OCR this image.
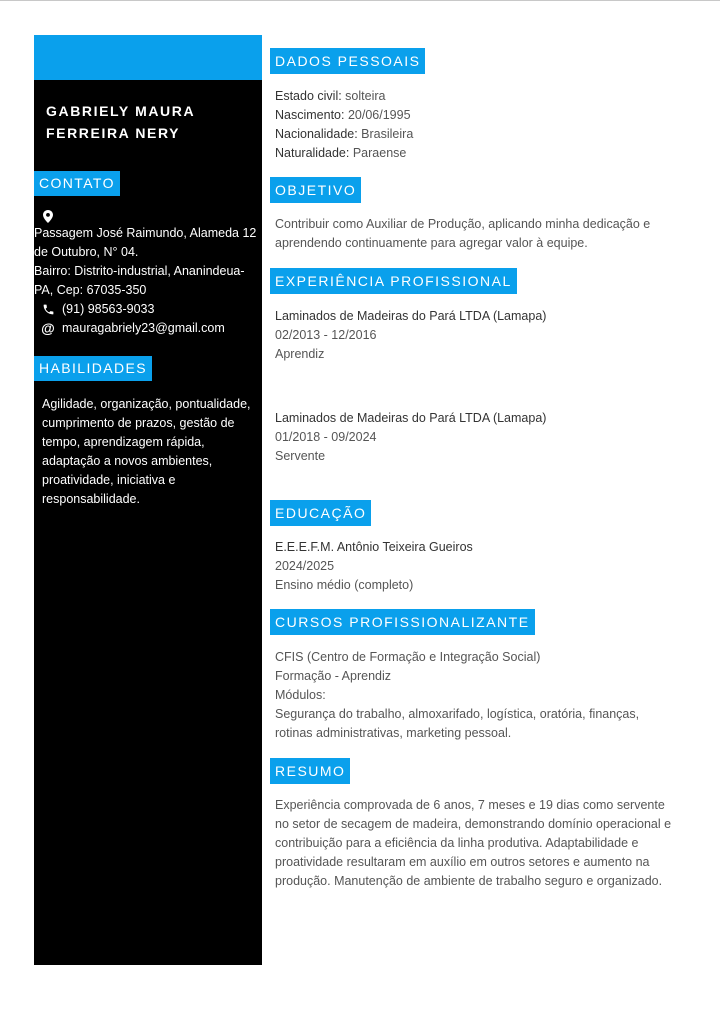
GABRIELY MAURA
FERREIRA NERY
CONTATO
Passagem José Raimundo, Alameda 12
de Outubro, N° 04.
Bairro: Distrito-industrial, Ananindeua-
PA, Cep: 67035-350
(91) 98563-9033
@ mauragabriely23@gmail.com
HABILIDADES

Agilidade, organização, pontualidade, cumprimento de prazos, gestão de tempo, aprendizagem rápida, adaptação a novos ambientes, proatividade, iniciativa e responsabilidade.

DADOS PESSOAIS

Estado civil: solteira

Nascimento: 20/06/1995

Nacionalidade: Brasileira

Naturalidade: Paraense

OBJETIVO

Contribuir como Auxiliar de Produção, aplicando minha dedicação e aprendendo continuamente para agregar valor à equipe.

EXPERIÊNCIA PROFISSIONAL

Laminados de Madeiras do Pará LTDA (Lamapa)

02/2013 - 12/2016

Aprendiz

Laminados de Madeiras do Pará LTDA (Lamapa)

01/2018 - 09/2024

Servente

EDUCAÇÃO

E.E.E.F.M. Antônio Teixeira Gueiros

2024/2025

Ensino médio (completo)

CURSOS PROFISSIONALIZANTE

CFIS (Centro de Formação e Integração Social)

Formação - Aprendiz

Módulos:

Segurança do trabalho, almoxarifado, logística, oratória, finanças, rotinas administrativas, marketing pessoal.

RESUMO

Experiência comprovada de 6 anos, 7 meses e 19 dias como servente no setor de secagem de madeira, demonstrando domínio operacional e contribuição para a eficiência da linha produtiva. Adaptabilidade e proatividade resultaram em auxílio em outros setores e aumento na produção. Manutenção de ambiente de trabalho seguro e organizado.
